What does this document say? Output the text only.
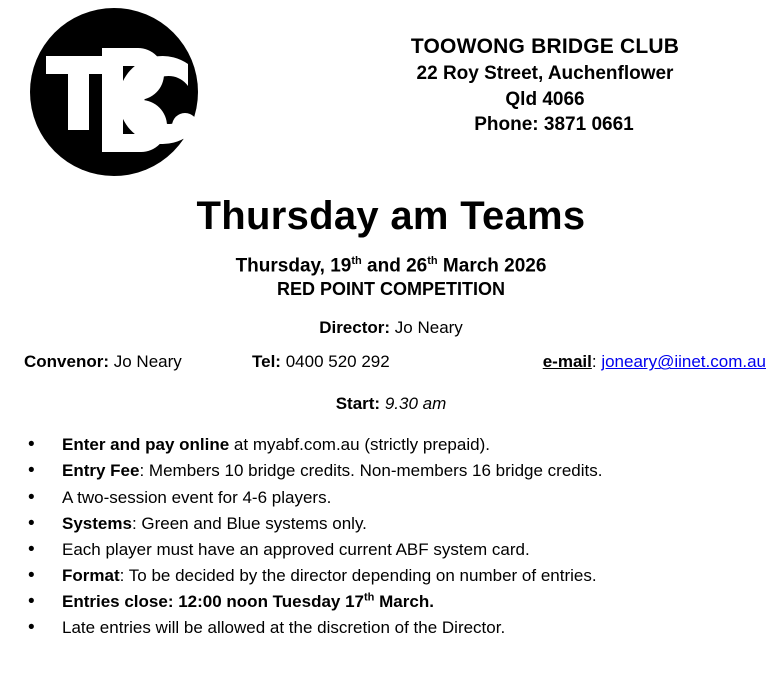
TOOWONG BRIDGE CLUB
22 Roy Street, Auchenflower
Qld 4066
Phone: 3871 0661
Thursday am Teams
Thursday, 19th and 26th March 2026
RED POINT COMPETITION
Director: Jo Neary
Convenor: Jo Neary	Tel: 0400 520 292	e-mail: joneary@iinet.com.au
Start: 9.30 am
• Enter and pay online at myabf.com.au (strictly prepaid).
• Entry Fee: Members 10 bridge credits. Non-members 16 bridge credits.
• A two-session event for 4-6 players.
• Systems: Green and Blue systems only.
• Each player must have an approved current ABF system card.
• Format: To be decided by the director depending on number of entries.
• Entries close: 12:00 noon Tuesday 17th March.
• Late entries will be allowed at the discretion of the Director.
